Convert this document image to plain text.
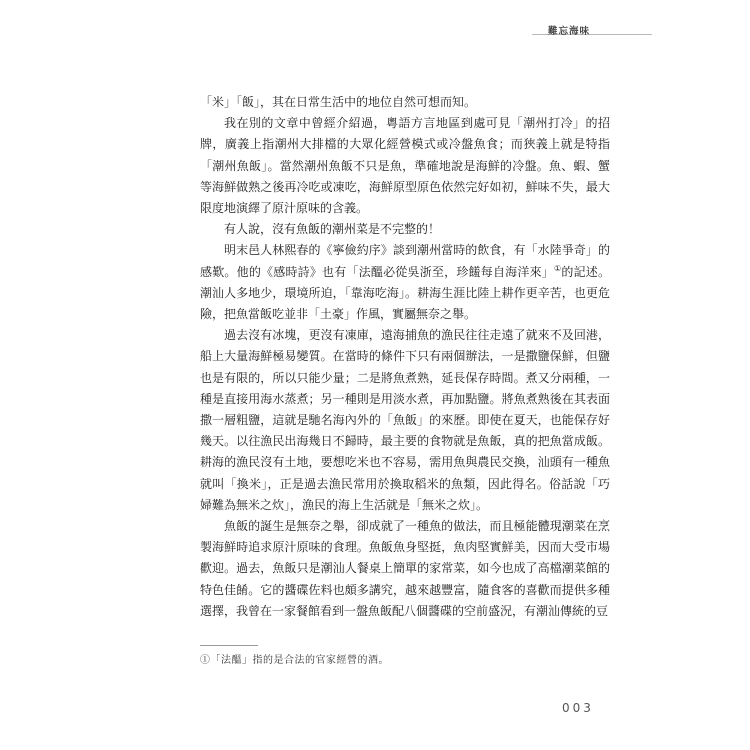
難忘海味

「米」「飯」，其在日常生活中的地位自然可想而知。

我在別的文章中曾經介紹過，粵語方言地區到處可見「潮州打冷」的招牌，廣義上指潮州大排檔的大眾化經營模式或冷盤魚食；而狹義上就是特指「潮州魚飯」。當然潮州魚飯不只是魚，準確地說是海鮮的冷盤。魚、蝦、蟹等海鮮做熟之後再冷吃或凍吃，海鮮原型原色依然完好如初，鮮味不失，最大限度地演繹了原汁原味的含義。

有人說，沒有魚飯的潮州菜是不完整的！

明末邑人林熙春的《寧儉約序》談到潮州當時的飲食，有「水陸爭奇」的感歎。他的《感時詩》也有「法醞必從吳浙至，珍饈每自海洋來」①的記述。潮汕人多地少，環境所迫，「靠海吃海」。耕海生涯比陸上耕作更辛苦，也更危險，把魚當飯吃並非「土豪」作風，實屬無奈之舉。

過去沒有冰塊，更沒有凍庫，遠海捕魚的漁民往往走遠了就來不及回港，船上大量海鮮極易變質。在當時的條件下只有兩個辦法，一是撒鹽保鮮，但鹽也是有限的，所以只能少量；二是將魚煮熟，延長保存時間。煮又分兩種，一種是直接用海水蒸煮；另一種則是用淡水煮，再加點鹽。將魚煮熟後在其表面撒一層粗鹽，這就是馳名海內外的「魚飯」的來歷。即使在夏天，也能保存好幾天。以往漁民出海幾日不歸時，最主要的食物就是魚飯，真的把魚當成飯。耕海的漁民沒有土地，要想吃米也不容易，需用魚與農民交換，汕頭有一種魚就叫「換米」，正是過去漁民常用於換取稻米的魚類，因此得名。俗話說「巧婦難為無米之炊」，漁民的海上生活就是「無米之炊」。

魚飯的誕生是無奈之舉，卻成就了一種魚的做法，而且極能體現潮菜在烹製海鮮時追求原汁原味的食理。魚飯魚身堅挺，魚肉堅實鮮美，因而大受市場歡迎。過去，魚飯只是潮汕人餐桌上簡單的家常菜，如今也成了高檔潮菜館的特色佳餚。它的醬碟佐料也頗多講究，越來越豐富，隨食客的喜歡而提供多種選擇，我曾在一家餐館看到一盤魚飯配八個醬碟的空前盛況，有潮汕傳統的豆

①「法醞」指的是合法的官家經營的酒。
003
